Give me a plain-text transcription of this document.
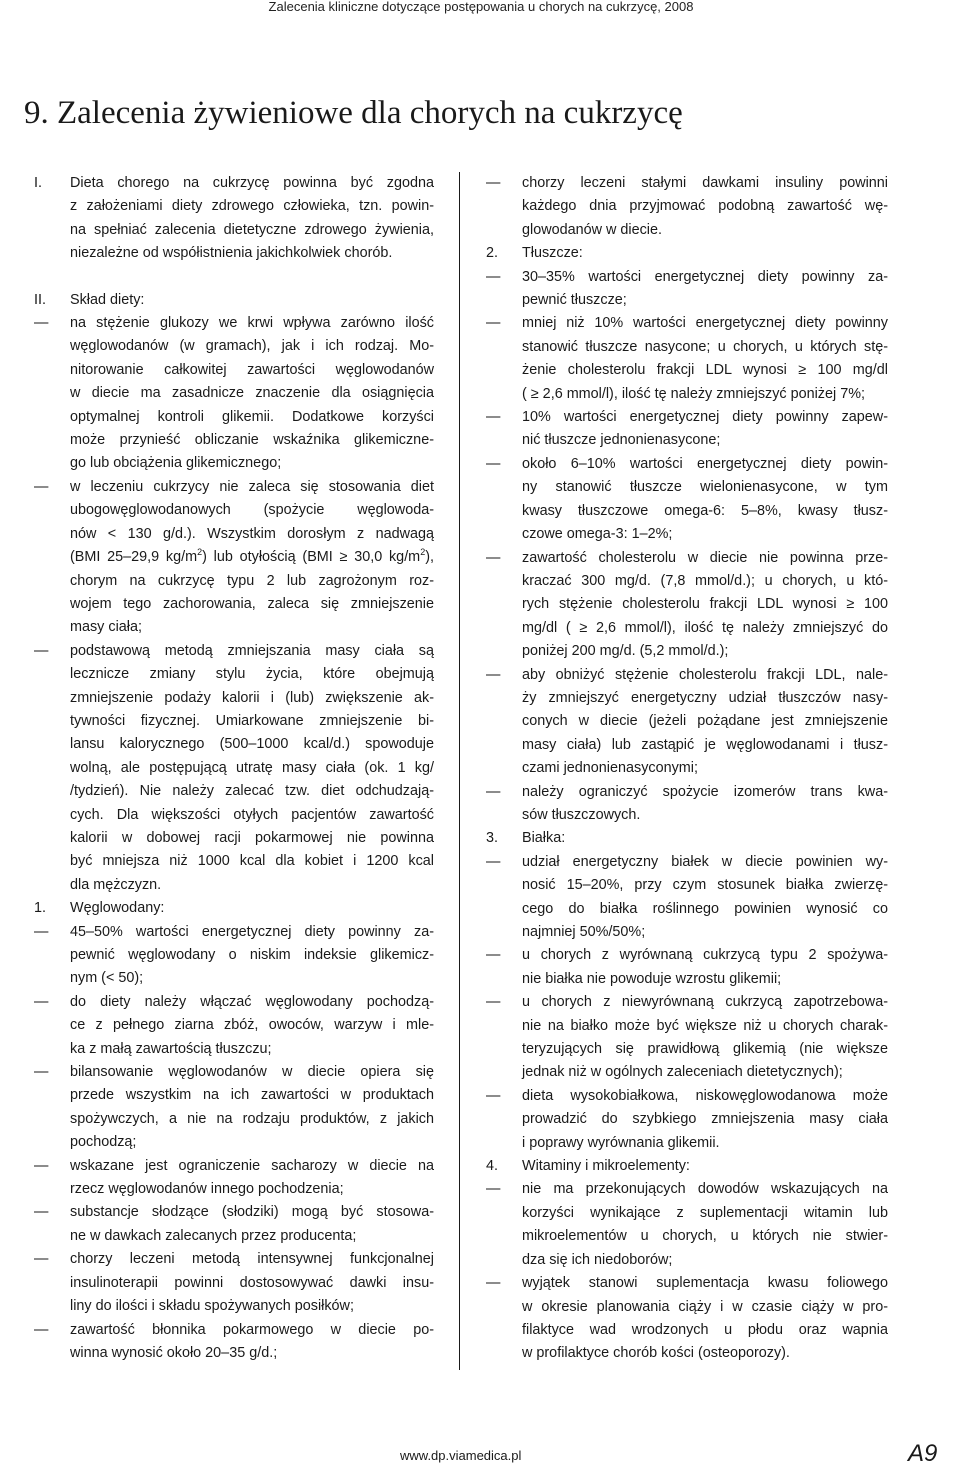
Zalecenia kliniczne dotyczące postępowania u chorych na cukrzycę, 2008
9. Zalecenia żywieniowe dla chorych na cukrzycę
I.	Dieta chorego na cukrzycę powinna być zgodna

z założeniami diety zdrowego człowieka, tzn. powin-

na spełniać zalecenia dietetyczne zdrowego żywienia,

niezależne od współistnienia jakichkolwiek chorób.

II.	Skład diety:
—	na stężenie glukozy we krwi wpływa zarówno ilość

węglowodanów (w gramach), jak i ich rodzaj. Mo-

nitorowanie całkowitej zawartości węglowodanów

w diecie ma zasadnicze znaczenie dla osiągnięcia

optymalnej kontroli glikemii. Dodatkowe korzyści

może przynieść obliczanie wskaźnika glikemiczne-

go lub obciążenia glikemicznego;

—	w leczeniu cukrzycy nie zaleca się stosowania diet

ubogowęglowodanowych (spożycie węglowoda-

nów < 130 g/d.). Wszystkim dorosłym z nadwagą

(BMI 25–29,9 $kg/m^2$) lub otyłością (BMI ≥ 30,0 $kg/m^2$),

chorym na cukrzycę typu 2 lub zagrożonym roz-

wojem tego zachorowania, zaleca się zmniejszenie

masy ciała;

—	podstawową metodą zmniejszania masy ciała są

lecznicze zmiany stylu życia, które obejmują

zmniejszenie podaży kalorii i (lub) zwiększenie ak-

tywności fizycznej. Umiarkowane zmniejszenie bi-

lansu kalorycznego (500–1000 kcal/d.) spowoduje

wolną, ale postępującą utratę masy ciała (ok. 1 kg/

/tydzień). Nie należy zalecać tzw. diet odchudzają-

cych. Dla większości otyłych pacjentów zawartość

kalorii w dobowej racji pokarmowej nie powinna

być mniejsza niż 1000 kcal dla kobiet i 1200 kcal

dla mężczyzn.

1.	Węglowodany:
—	45–50% wartości energetycznej diety powinny za-

pewnić węglowodany o niskim indeksie glikemicz-

nym (< 50);

—	do diety należy włączać węglowodany pochodzą-

ce z pełnego ziarna zbóż, owoców, warzyw i mle-

ka z małą zawartością tłuszczu;

—	bilansowanie węglowodanów w diecie opiera się

przede wszystkim na ich zawartości w produktach

spożywczych, a nie na rodzaju produktów, z jakich

pochodzą;

—	wskazane jest ograniczenie sacharozy w diecie na

rzecz węglowodanów innego pochodzenia;

—	substancje słodzące (słodziki) mogą być stosowa-

ne w dawkach zalecanych przez producenta;

—	chorzy leczeni metodą intensywnej funkcjonalnej

insulinoterapii powinni dostosowywać dawki insu-

liny do ilości i składu spożywanych posiłków;

—	zawartość błonnika pokarmowego w diecie po-

winna wynosić około 20–35 g/d.;

—	chorzy leczeni stałymi dawkami insuliny powinni

każdego dnia przyjmować podobną zawartość wę-

glowodanów w diecie.

2.	Tłuszcze:
—	30–35% wartości energetycznej diety powinny za-

pewnić tłuszcze;

—	mniej niż 10% wartości energetycznej diety powinny

stanowić tłuszcze nasycone; u chorych, u których stę-

żenie cholesterolu frakcji LDL wynosi ≥ 100 mg/dl

( ≥ 2,6 mmol/l), ilość tę należy zmniejszyć poniżej 7%;

—	10% wartości energetycznej diety powinny zapew-

nić tłuszcze jednonienasycone;

—	około 6–10% wartości energetycznej diety powin-

ny stanowić tłuszcze wielonienasycone, w tym

kwasy tłuszczowe omega-6: 5–8%, kwasy tłusz-

czowe omega-3: 1–2%;

—	zawartość cholesterolu w diecie nie powinna prze-

kraczać 300 mg/d. (7,8 mmol/d.); u chorych, u któ-

rych stężenie cholesterolu frakcji LDL wynosi ≥ 100

mg/dl ( ≥ 2,6 mmol/l), ilość tę należy zmniejszyć do

poniżej 200 mg/d. (5,2 mmol/d.);

—	aby obniżyć stężenie cholesterolu frakcji LDL, nale-

ży zmniejszyć energetyczny udział tłuszczów nasy-

conych w diecie (jeżeli pożądane jest zmniejszenie

masy ciała) lub zastąpić je węglowodanami i tłusz-

czami jednonienasyconymi;

—	należy ograniczyć spożycie izomerów trans kwa-

sów tłuszczowych.

3.	Białka:
—	udział energetyczny białek w diecie powinien wy-

nosić 15–20%, przy czym stosunek białka zwierzę-

cego do białka roślinnego powinien wynosić co

najmniej 50%/50%;

—	u chorych z wyrównaną cukrzycą typu 2 spożywa-

nie białka nie powoduje wzrostu glikemii;

—	u chorych z niewyrównaną cukrzycą zapotrzebowa-

nie na białko może być większe niż u chorych charak-

teryzujących się prawidłową glikemią (nie większe

jednak niż w ogólnych zaleceniach dietetycznych);

—	dieta wysokobiałkowa, niskowęglowodanowa może

prowadzić do szybkiego zmniejszenia masy ciała

i poprawy wyrównania glikemii.

4.	Witaminy i mikroelementy:
—	nie ma przekonujących dowodów wskazujących na

korzyści wynikające z suplementacji witamin lub

mikroelementów u chorych, u których nie stwier-

dza się ich niedoborów;

—	wyjątek stanowi suplementacja kwasu foliowego

w okresie planowania ciąży i w czasie ciąży w pro-

filaktyce wad wrodzonych u płodu oraz wapnia

w profilaktyce chorób kości (osteoporozy).

www.dp.viamedica.pl	A9
